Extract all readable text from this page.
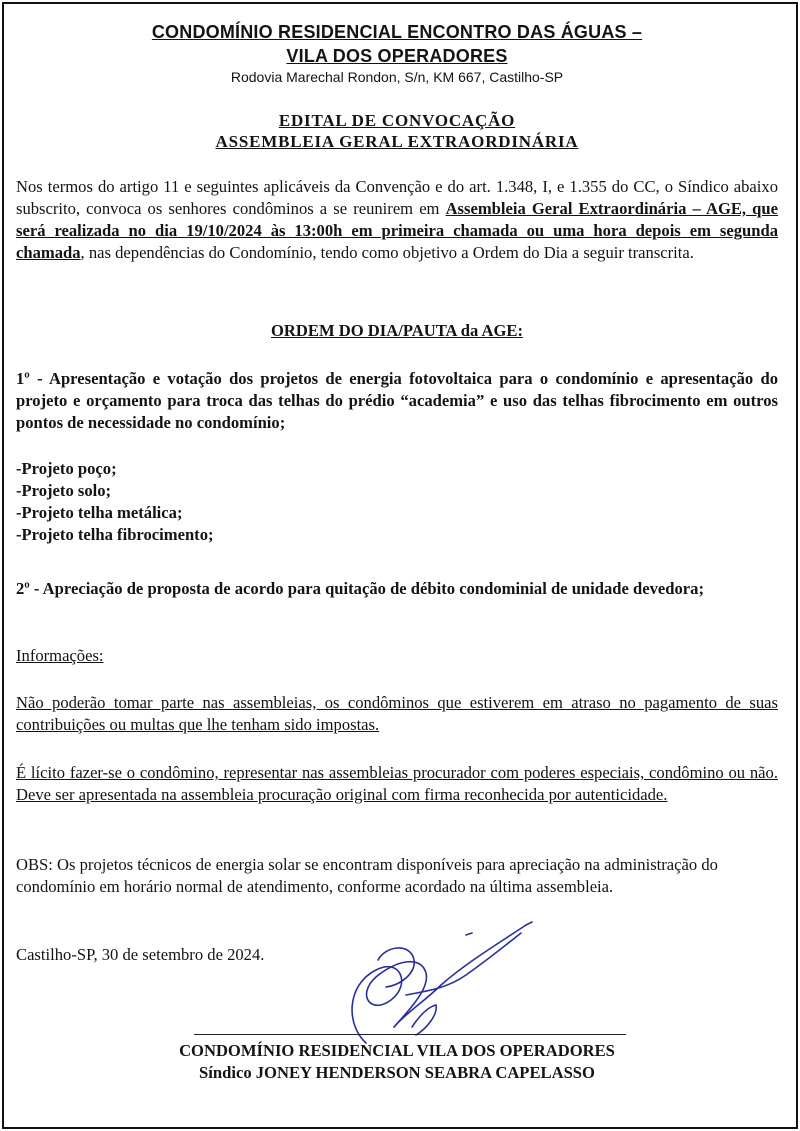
CONDOMÍNIO RESIDENCIAL ENCONTRO DAS ÁGUAS –
VILA DOS OPERADORES
Rodovia Marechal Rondon, S/n, KM 667, Castilho-SP
EDITAL DE CONVOCAÇÃO
ASSEMBLEIA GERAL EXTRAORDINÁRIA
Nos termos do artigo 11 e seguintes aplicáveis da Convenção e do art. 1.348, I, e 1.355 do CC, o Síndico abaixo subscrito, convoca os senhores condôminos a se reunirem em Assembleia Geral Extraordinária – AGE, que será realizada no dia 19/10/2024 às 13:00h em primeira chamada ou uma hora depois em segunda chamada, nas dependências do Condomínio, tendo como objetivo a Ordem do Dia a seguir transcrita.
ORDEM DO DIA/PAUTA da AGE:
1º - Apresentação e votação dos projetos de energia fotovoltaica para o condomínio e apresentação do projeto e orçamento para troca das telhas do prédio “academia” e uso das telhas fibrocimento em outros pontos de necessidade no condomínio;
-Projeto poço;
-Projeto solo;
-Projeto telha metálica;
-Projeto telha fibrocimento;
2º - Apreciação de proposta de acordo para quitação de débito condominial de unidade devedora;
Informações:
Não poderão tomar parte nas assembleias, os condôminos que estiverem em atraso no pagamento de suas contribuições ou multas que lhe tenham sido impostas.
É lícito fazer-se o condômino, representar nas assembleias procurador com poderes especiais, condômino ou não. Deve ser apresentada na assembleia procuração original com firma reconhecida por autenticidade.
OBS: Os projetos técnicos de energia solar se encontram disponíveis para apreciação na administração do condomínio em horário normal de atendimento, conforme acordado na última assembleia.
Castilho-SP, 30 de setembro de 2024.
CONDOMÍNIO RESIDENCIAL VILA DOS OPERADORES
Síndico JONEY HENDERSON SEABRA CAPELASSO
